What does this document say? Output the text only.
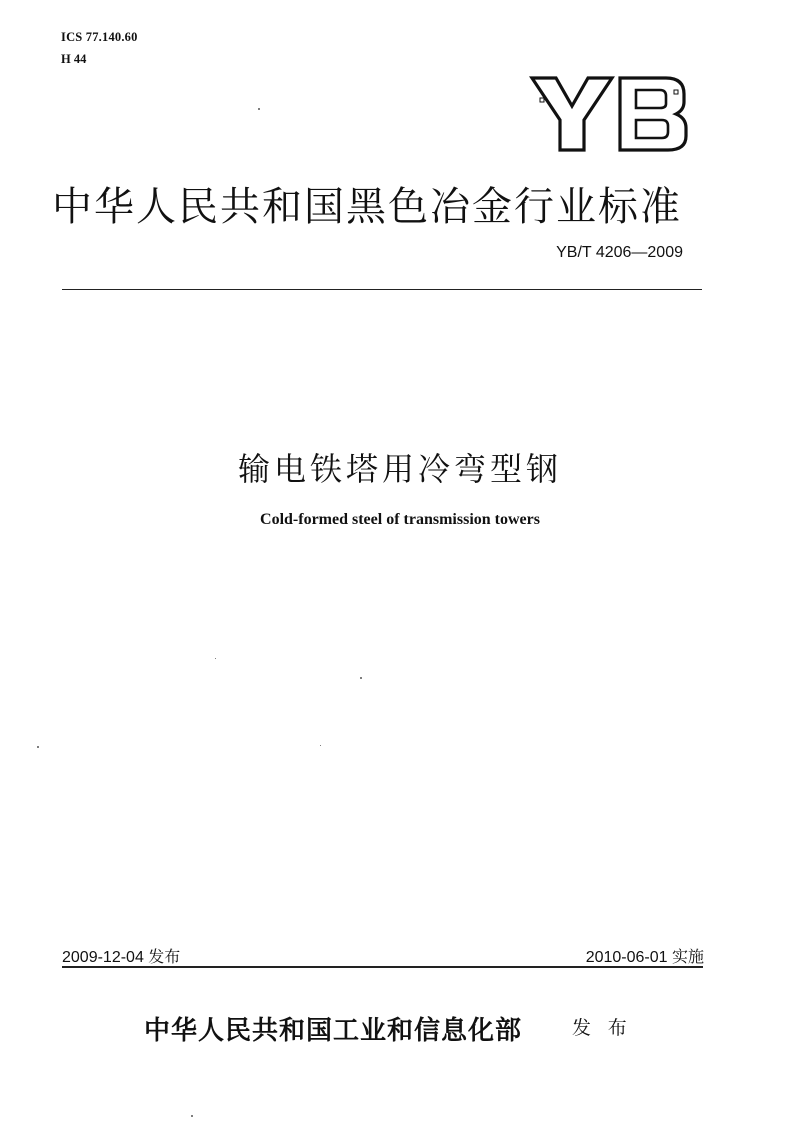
ICS 77.140.60
H 44
中华人民共和国黑色冶金行业标准
YB/T 4206—2009
输电铁塔用冷弯型钢
Cold-formed steel of transmission towers
2009-12-04 发布	2010-06-01 实施
中华人民共和国工业和信息化部	发 布
